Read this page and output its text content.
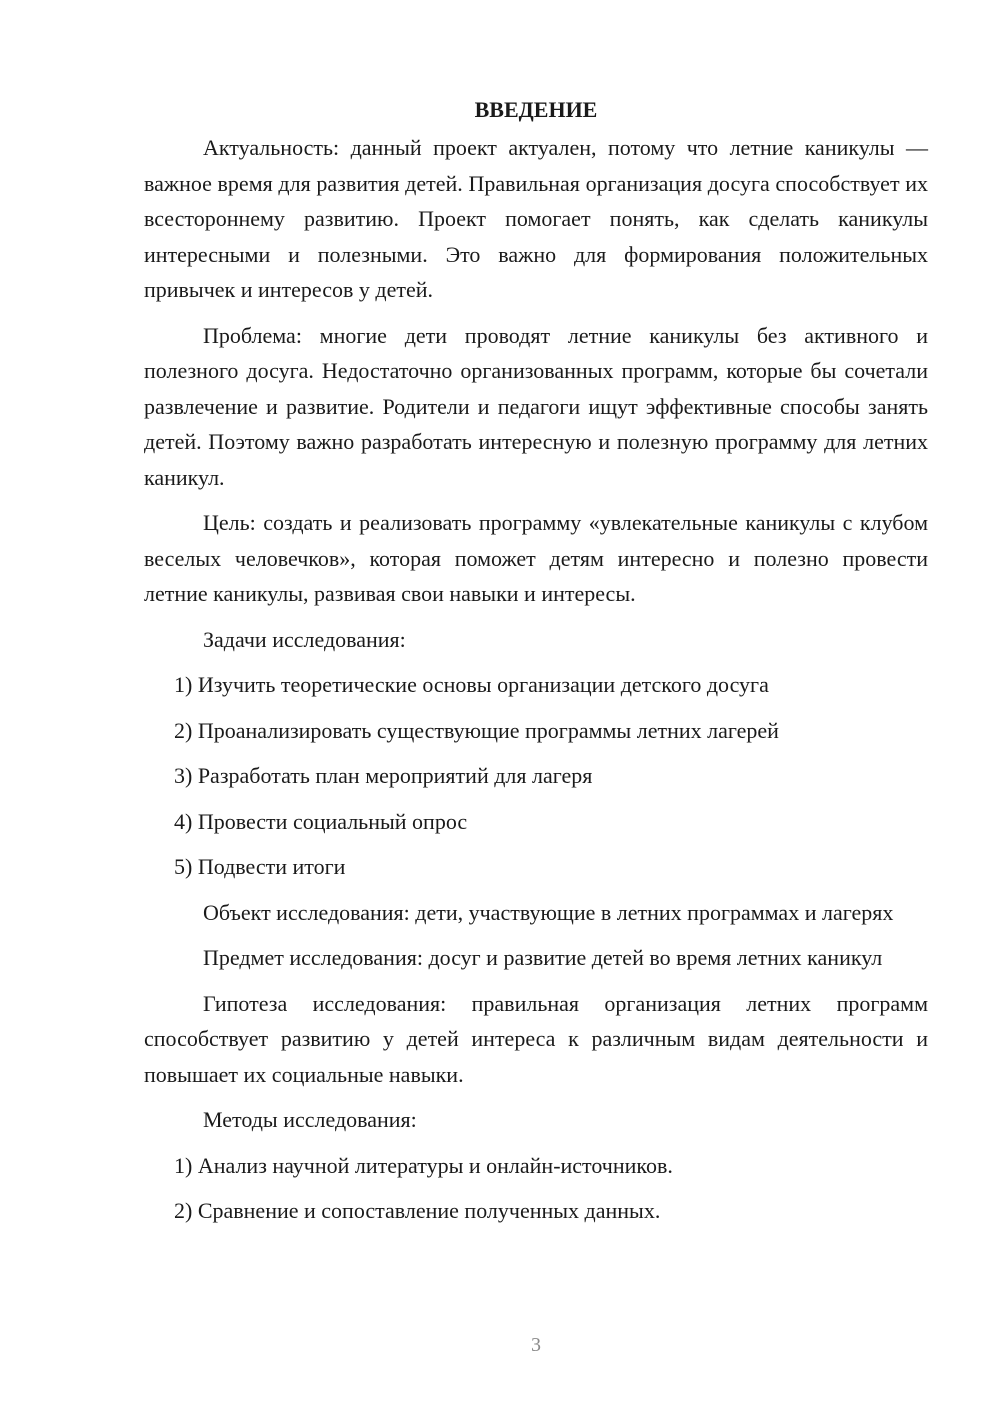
ВВЕДЕНИЕ

Актуальность: данный проект актуален, потому что летние каникулы — важное время для развития детей. Правильная организация досуга способствует их всестороннему развитию. Проект помогает понять, как сделать каникулы интересными и полезными. Это важно для формирования положительных привычек и интересов у детей.

Проблема: многие дети проводят летние каникулы без активного и полезного досуга. Недостаточно организованных программ, которые бы сочетали развлечение и развитие. Родители и педагоги ищут эффективные способы занять детей. Поэтому важно разработать интересную и полезную программу для летних каникул.

Цель: создать и реализовать программу «увлекательные каникулы с клубом веселых человечков», которая поможет детям интересно и полезно провести летние каникулы, развивая свои навыки и интересы.

Задачи исследования:

1) Изучить теоретические основы организации детского досуга
2) Проанализировать существующие программы летних лагерей
3) Разработать план мероприятий для лагеря
4) Провести социальный опрос
5) Подвести итоги

Объект исследования: дети, участвующие в летних программах и лагерях

Предмет исследования: досуг и развитие детей во время летних каникул

Гипотеза исследования: правильная организация летних программ способствует развитию у детей интереса к различным видам деятельности и повышает их социальные навыки.

Методы исследования:

1) Анализ научной литературы и онлайн-источников.
2) Сравнение и сопоставление полученных данных.
3
